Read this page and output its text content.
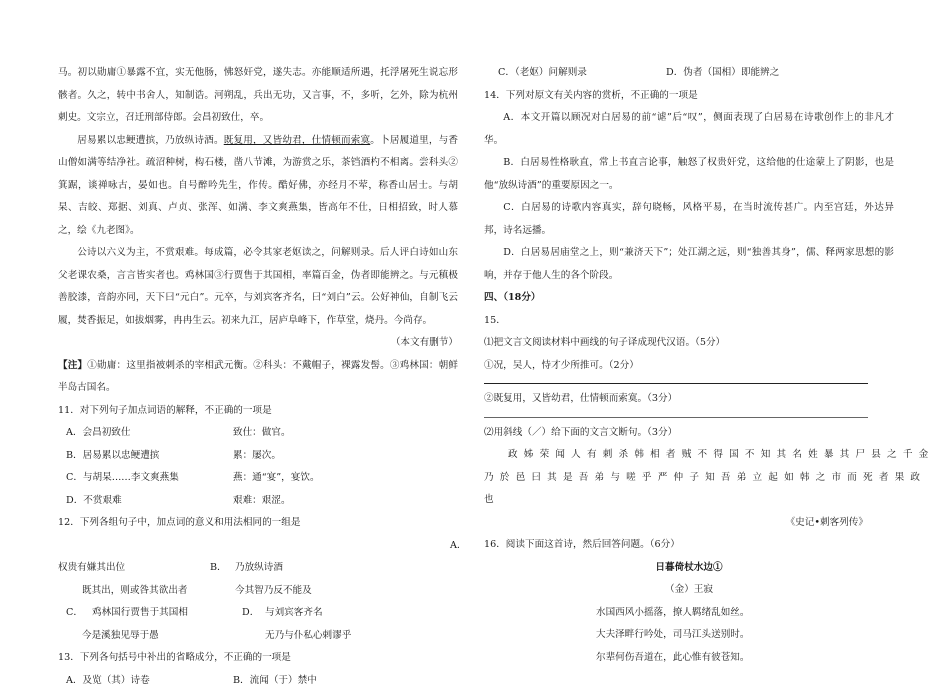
马。初以勋庸①暴露不宜，实无他肠，怫怒奸党，遂失志。亦能顺适所遇，托浮屠死生说忘形骸者。久之，转中书舍人，知制诰。河朔乱，兵出无功，又言事，不，多听，乞外，除为杭州刺史。文宗立，召迁刑部侍郎。会昌初致仕，卒。

居易累以忠鲠遭摈，乃放纵诗酒。既复用，又皆幼君，仕情顿而索寞。卜居履道里，与香山僧如满等结净社。疏沼种树，构石楼，凿八节滩，为游赏之乐，茶铛酒杓不相离。尝科头②箕踞，谈禅咏古，晏如也。自号醉吟先生，作传。酷好佛，亦经月不荤，称香山居士。与胡杲、吉皎、郑据、刘真、卢贞、张浑、如满、李文爽燕集，皆高年不仕，日相招致，时人慕之，绘《九老图》。

公诗以六义为主，不赏艰难。每成篇，必令其家老妪读之，问解则录。后人评白诗如山东父老课农桑，言言皆实者也。鸡林国③行贾售于其国相，率篇百金，伪者即能辨之。与元稹极善胶漆，音韵亦同，天下曰“元白”。元卒，与刘宾客齐名，曰“刘白”云。公好神仙，自制飞云履，焚香振足，如拔烟雾，冉冉生云。初来九江，居庐阜峰下，作草堂，烧丹。今尚存。

（本文有删节）

【注】①勋庸：这里指被刺杀的宰相武元衡。②科头：不戴帽子，裸露发髻。③鸡林国：朝鲜半岛古国名。

11．对下列句子加点词语的解释，不正确的一项是
A．会昌初致仕	致仕：做官。
B．居易累以忠鲠遭摈	累：屡次。
C．与胡杲……李文爽燕集	燕：通“宴”，宴饮。
D．不赏艰难	艰难：艰涩。
12．下列各组句子中，加点词的意义和用法相同的一组是
A．
权贵有嫌其出位	B． 乃放纵诗酒
既其出，则或咎其欲出者	今其智乃反不能及
C． 鸡林国行贾售于其国相	D． 与刘宾客齐名
今是溪独见辱于愚	无乃与仆私心剌谬乎
13．下列各句括号中补出的省略成分，不正确的一项是
A．及览（其）诗卷	B．流闻（于）禁中
C．（老妪）问解则录	D．伪者（国相）即能辨之
14．下列对原文有关内容的赏析，不正确的一项是

A．本文开篇以顾况对白居易的前“谑”后“叹”，侧面表现了白居易在诗歌创作上的非凡才华。

B．白居易性格耿直，常上书直言论事，触怒了权贵奸党，这给他的仕途蒙上了阴影，也是他“放纵诗酒”的重要原因之一。

C．白居易的诗歌内容真实，辞句晓畅，风格平易，在当时流传甚广。内至宫廷，外达异邦，诗名远播。

D．白居易居庙堂之上，则“兼济天下”；处江湖之远，则“独善其身”，儒、释两家思想的影响，并存于他人生的各个阶段。

四、（18分）
15．
⑴把文言文阅读材料中画线的句子译成现代汉语。（5分）
①况，吴人，恃才少所推可。（2分）
②既复用，又皆幼君，仕情顿而索寞。（3分）
⑵用斜线（／）给下面的文言文断句。（3分）
政姊荣闻人有刺杀韩相者贼不得国不知其名姓暴其尸县之千金
乃於邑曰其是吾弟与嗟乎严仲子知吾弟立起如韩之市而死者果政
也
《史记•刺客列传》
16．阅读下面这首诗，然后回答问题。（6分）
日暮倚杖水边①
（金）王寂
水国西风小摇落，撩人羁绪乱如丝。
大夫泽畔行吟处，司马江头送别时。
尔辈何伤吾道在，此心惟有彼苍知。
